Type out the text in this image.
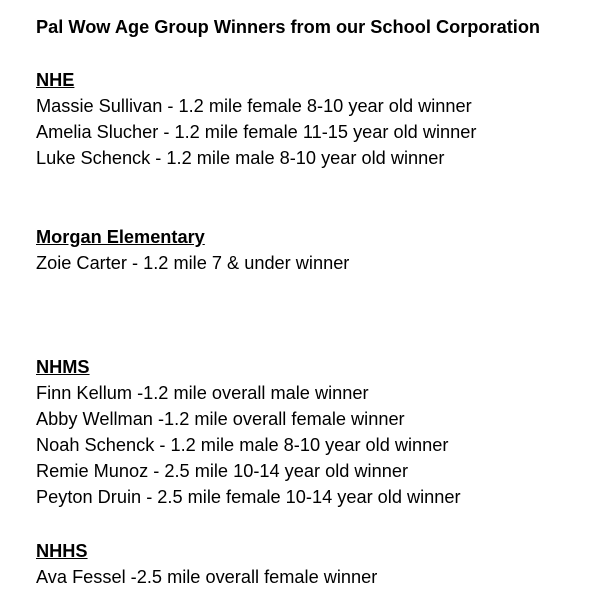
Pal Wow Age Group Winners from our School Corporation
NHE
Massie Sullivan - 1.2 mile female 8-10 year old winner
Amelia Slucher - 1.2 mile female 11-15 year old winner
Luke Schenck - 1.2 mile male 8-10 year old winner
Morgan Elementary
Zoie Carter - 1.2 mile 7 & under winner
NHMS
Finn Kellum -1.2 mile overall male winner
Abby Wellman -1.2 mile overall female winner
Noah Schenck - 1.2 mile male 8-10 year old winner
Remie Munoz - 2.5 mile 10-14 year old winner
Peyton Druin - 2.5 mile female 10-14 year old winner
NHHS
Ava Fessel -2.5 mile overall female winner
